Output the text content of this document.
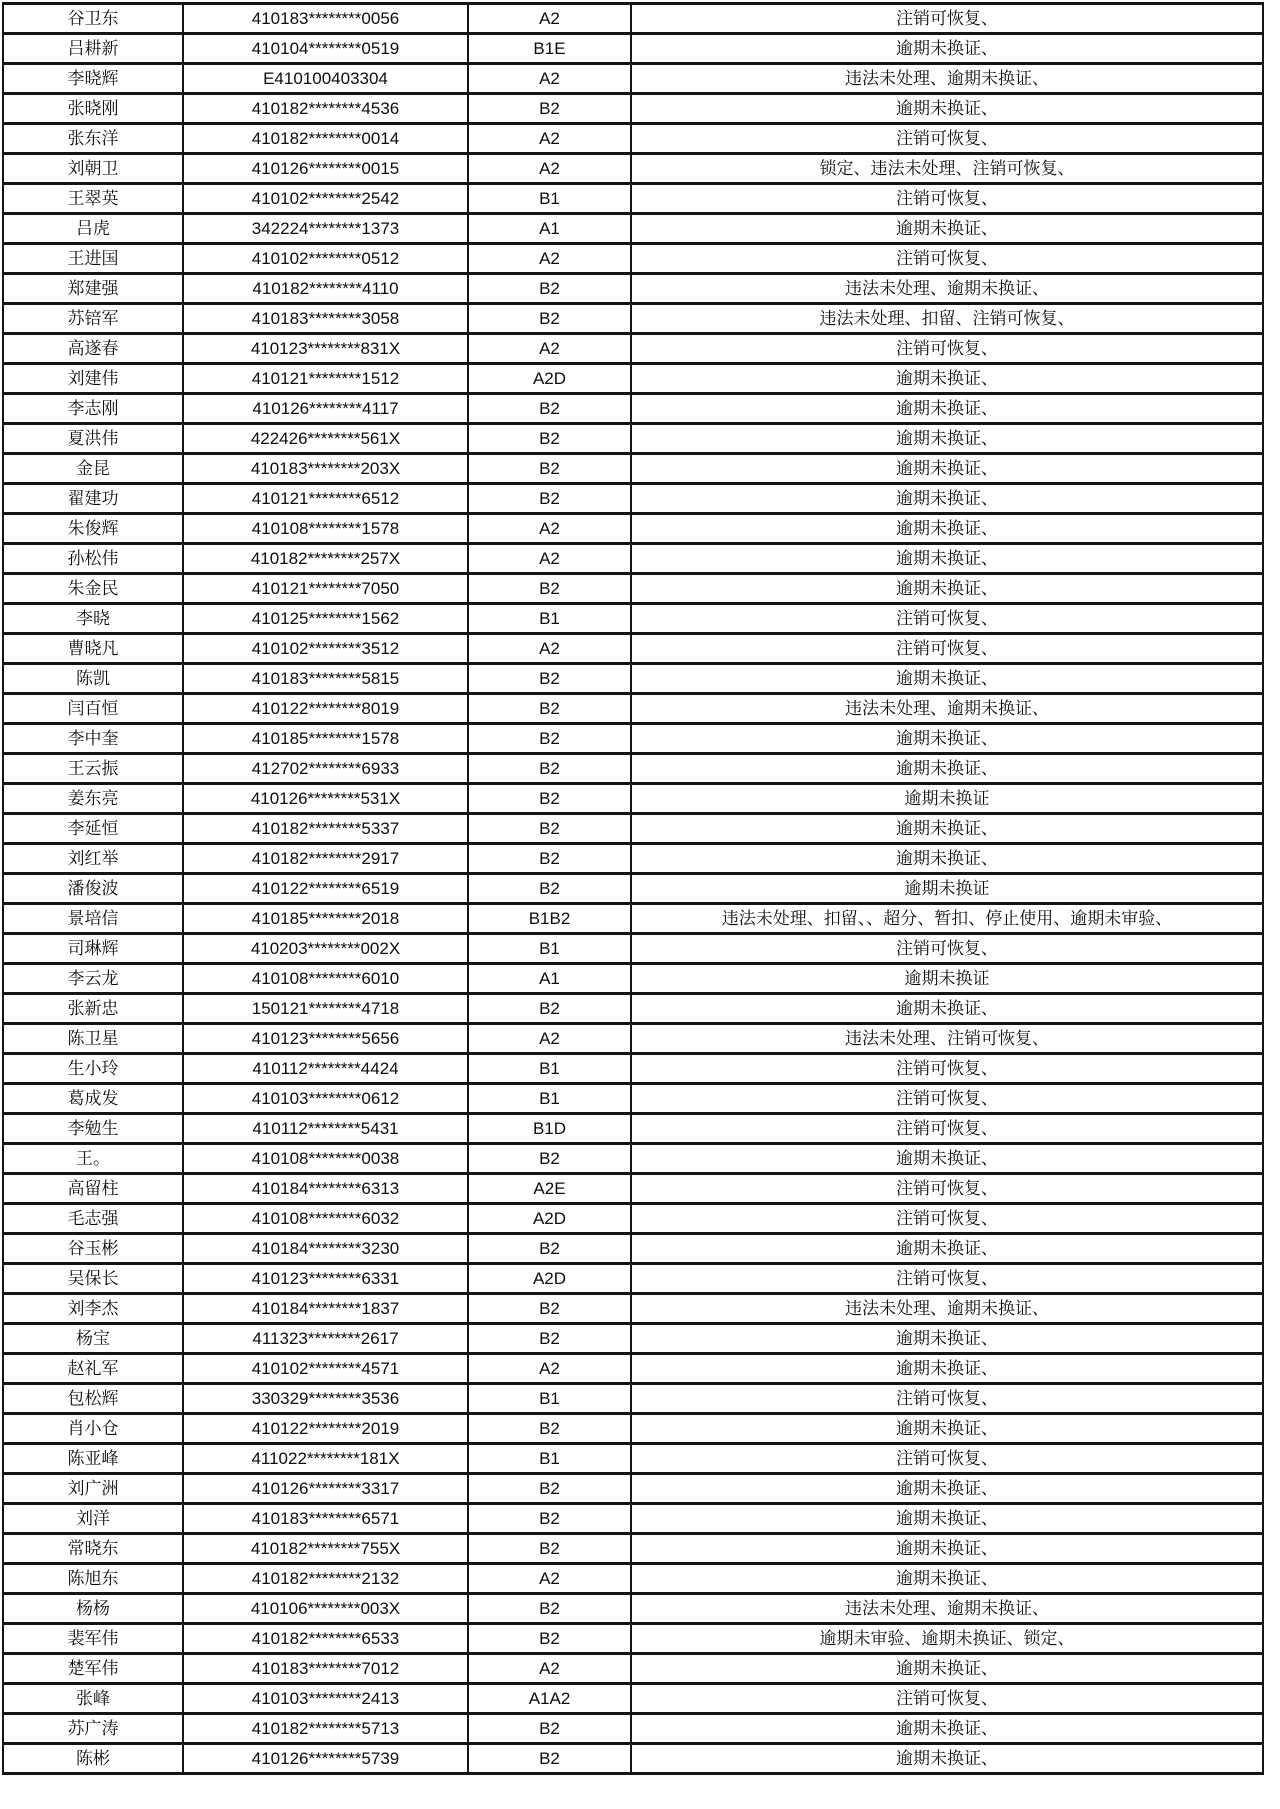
谷卫东	410183********0056	A2	注销可恢复、
吕耕新	410104********0519	B1E	逾期未换证、
李晓辉	E410100403304	A2	违法未处理、逾期未换证、
张晓刚	410182********4536	B2	逾期未换证、
张东洋	410182********0014	A2	注销可恢复、
刘朝卫	410126********0015	A2	锁定、违法未处理、注销可恢复、
王翠英	410102********2542	B1	注销可恢复、
吕虎	342224********1373	A1	逾期未换证、
王进国	410102********0512	A2	注销可恢复、
郑建强	410182********4110	B2	违法未处理、逾期未换证、
苏锫军	410183********3058	B2	违法未处理、扣留、注销可恢复、
高遂春	410123********831X	A2	注销可恢复、
刘建伟	410121********1512	A2D	逾期未换证、
李志刚	410126********4117	B2	逾期未换证、
夏洪伟	422426********561X	B2	逾期未换证、
金昆	410183********203X	B2	逾期未换证、
翟建功	410121********6512	B2	逾期未换证、
朱俊辉	410108********1578	A2	逾期未换证、
孙松伟	410182********257X	A2	逾期未换证、
朱金民	410121********7050	B2	逾期未换证、
李晓	410125********1562	B1	注销可恢复、
曹晓凡	410102********3512	A2	注销可恢复、
陈凯	410183********5815	B2	逾期未换证、
闫百恒	410122********8019	B2	违法未处理、逾期未换证、
李中奎	410185********1578	B2	逾期未换证、
王云振	412702********6933	B2	逾期未换证、
姜东亮	410126********531X	B2	逾期未换证
李延恒	410182********5337	B2	逾期未换证、
刘红举	410182********2917	B2	逾期未换证、
潘俊波	410122********6519	B2	逾期未换证
景培信	410185********2018	B1B2	违法未处理、扣留、、超分、暂扣、停止使用、逾期未审验、
司琳辉	410203********002X	B1	注销可恢复、
李云龙	410108********6010	A1	逾期未换证
张新忠	150121********4718	B2	逾期未换证、
陈卫星	410123********5656	A2	违法未处理、注销可恢复、
生小玲	410112********4424	B1	注销可恢复、
葛成发	410103********0612	B1	注销可恢复、
李勉生	410112********5431	B1D	注销可恢复、
王。	410108********0038	B2	逾期未换证、
高留柱	410184********6313	A2E	注销可恢复、
毛志强	410108********6032	A2D	注销可恢复、
谷玉彬	410184********3230	B2	逾期未换证、
吴保长	410123********6331	A2D	注销可恢复、
刘李杰	410184********1837	B2	违法未处理、逾期未换证、
杨宝	411323********2617	B2	逾期未换证、
赵礼军	410102********4571	A2	逾期未换证、
包松辉	330329********3536	B1	注销可恢复、
肖小仓	410122********2019	B2	逾期未换证、
陈亚峰	411022********181X	B1	注销可恢复、
刘广洲	410126********3317	B2	逾期未换证、
刘洋	410183********6571	B2	逾期未换证、
常晓东	410182********755X	B2	逾期未换证、
陈旭东	410182********2132	A2	逾期未换证、
杨杨	410106********003X	B2	违法未处理、逾期未换证、
裴军伟	410182********6533	B2	逾期未审验、逾期未换证、锁定、
楚军伟	410183********7012	A2	逾期未换证、
张峰	410103********2413	A1A2	注销可恢复、
苏广涛	410182********5713	B2	逾期未换证、
陈彬	410126********5739	B2	逾期未换证、
